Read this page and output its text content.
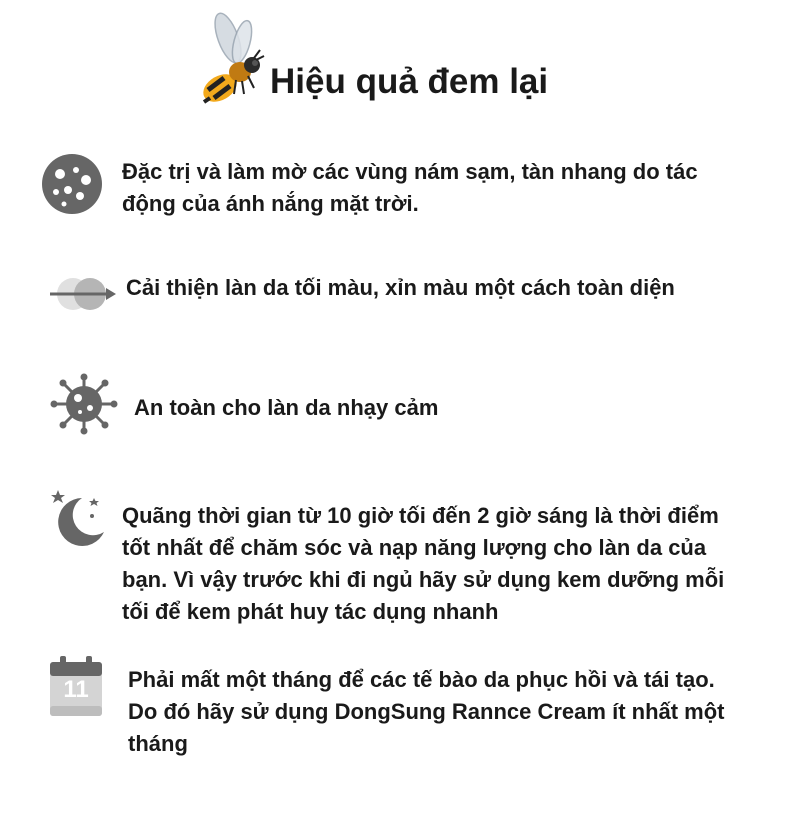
Hiệu quả đem lại
Đặc trị và làm mờ các vùng nám sạm, tàn nhang do tác động của ánh nắng mặt trời.
Cải thiện làn da tối màu, xỉn màu một cách toàn diện
An toàn cho làn da nhạy cảm
Quãng thời gian từ 10 giờ tối đến 2 giờ sáng là thời điểm tốt nhất để chăm sóc và nạp năng lượng cho làn da của bạn. Vì vậy trước khi đi ngủ hãy sử dụng kem dưỡng mỗi tối để kem phát huy tác dụng nhanh
11	Phải mất một tháng để các tế bào da phục hồi và tái tạo. Do đó hãy sử dụng DongSung Rannce Cream ít nhất một tháng
